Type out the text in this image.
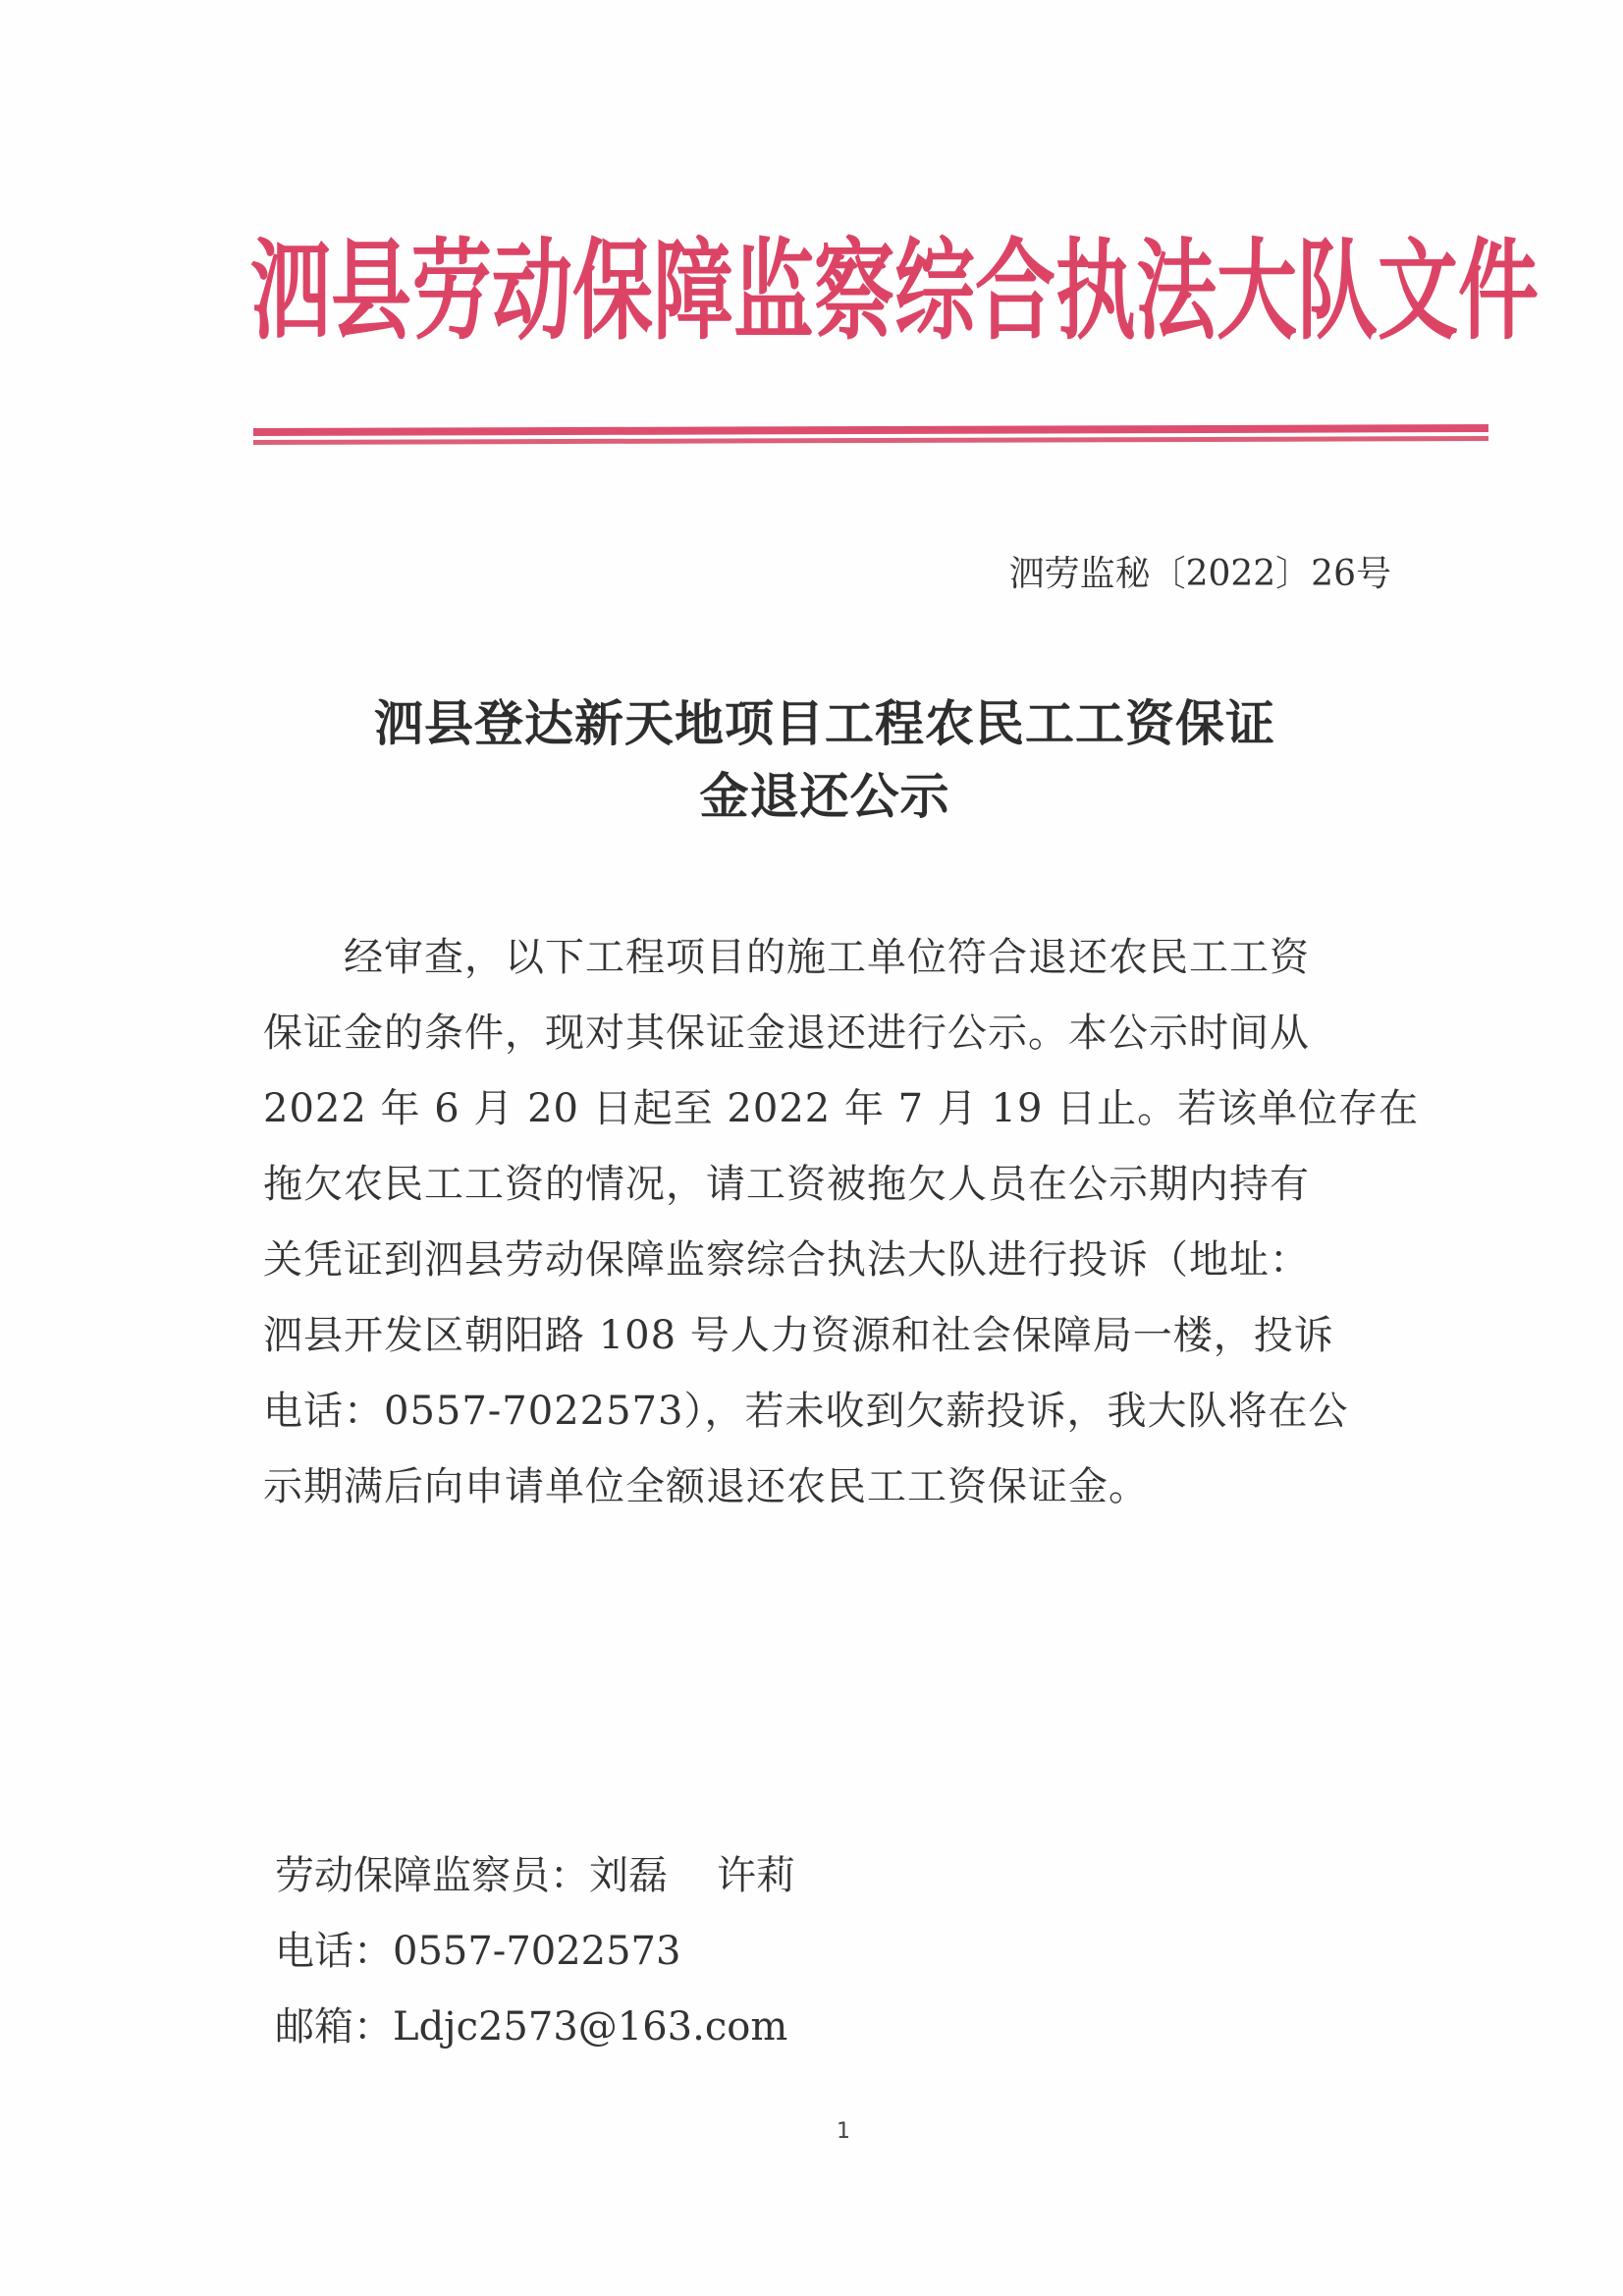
泗县劳动保障监察综合执法大队文件
泗劳监秘〔2022〕26号
泗县登达新天地项目工程农民工工资保证
金退还公示
　　经审查，以下工程项目的施工单位符合退还农民工工资
保证金的条件，现对其保证金退还进行公示。本公示时间从
2022 年 6 月 20 日起至 2022 年 7 月 19 日止。若该单位存在
拖欠农民工工资的情况，请工资被拖欠人员在公示期内持有
关凭证到泗县劳动保障监察综合执法大队进行投诉（地址：
泗县开发区朝阳路 108 号人力资源和社会保障局一楼，投诉
电话：0557-7022573），若未收到欠薪投诉，我大队将在公
示期满后向申请单位全额退还农民工工资保证金。
劳动保障监察员：刘磊 许莉
电话：0557-7022573
邮箱：Ldjc2573@163.com
1
